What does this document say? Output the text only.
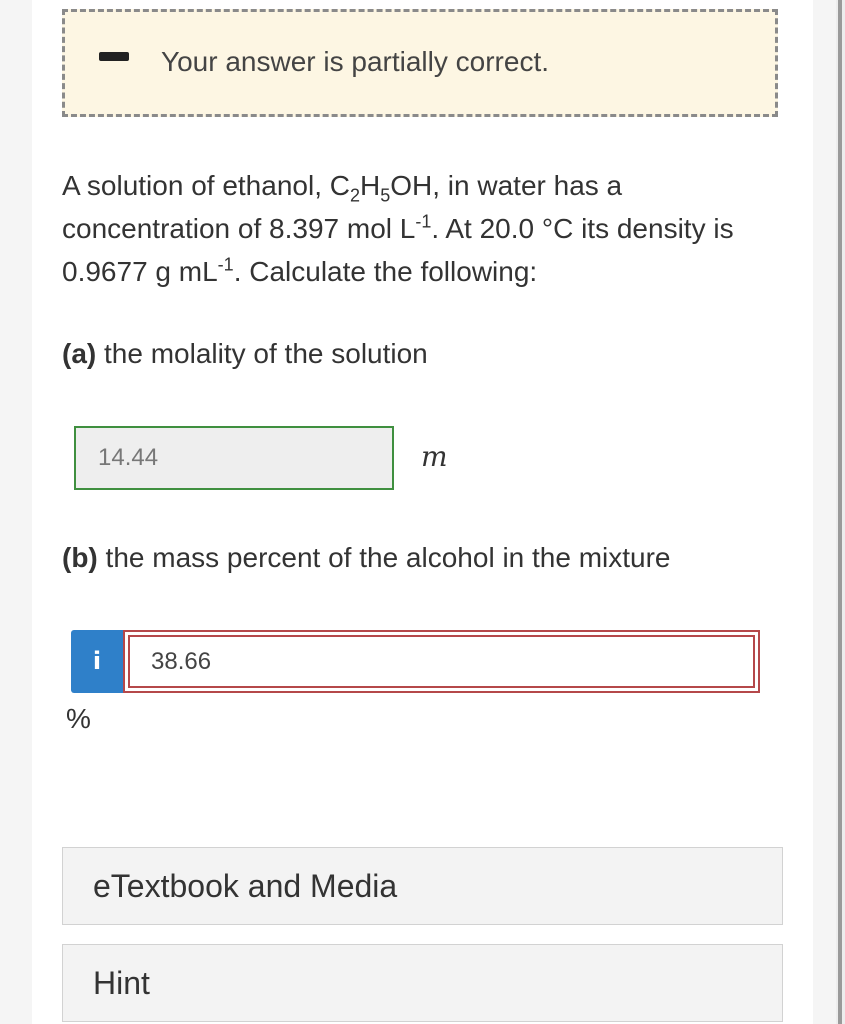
Your answer is partially correct.
A solution of ethanol, $C_2H_5OH$, in water has a concentration of 8.397 mol $L^{-1}$. At 20.0 °C its density is 0.9677 g $mL^{-1}$. Calculate the following:
(a) the molality of the solution
14.44	m
(b) the mass percent of the alcohol in the mixture
i	38.66
%
eTextbook and Media
Hint
